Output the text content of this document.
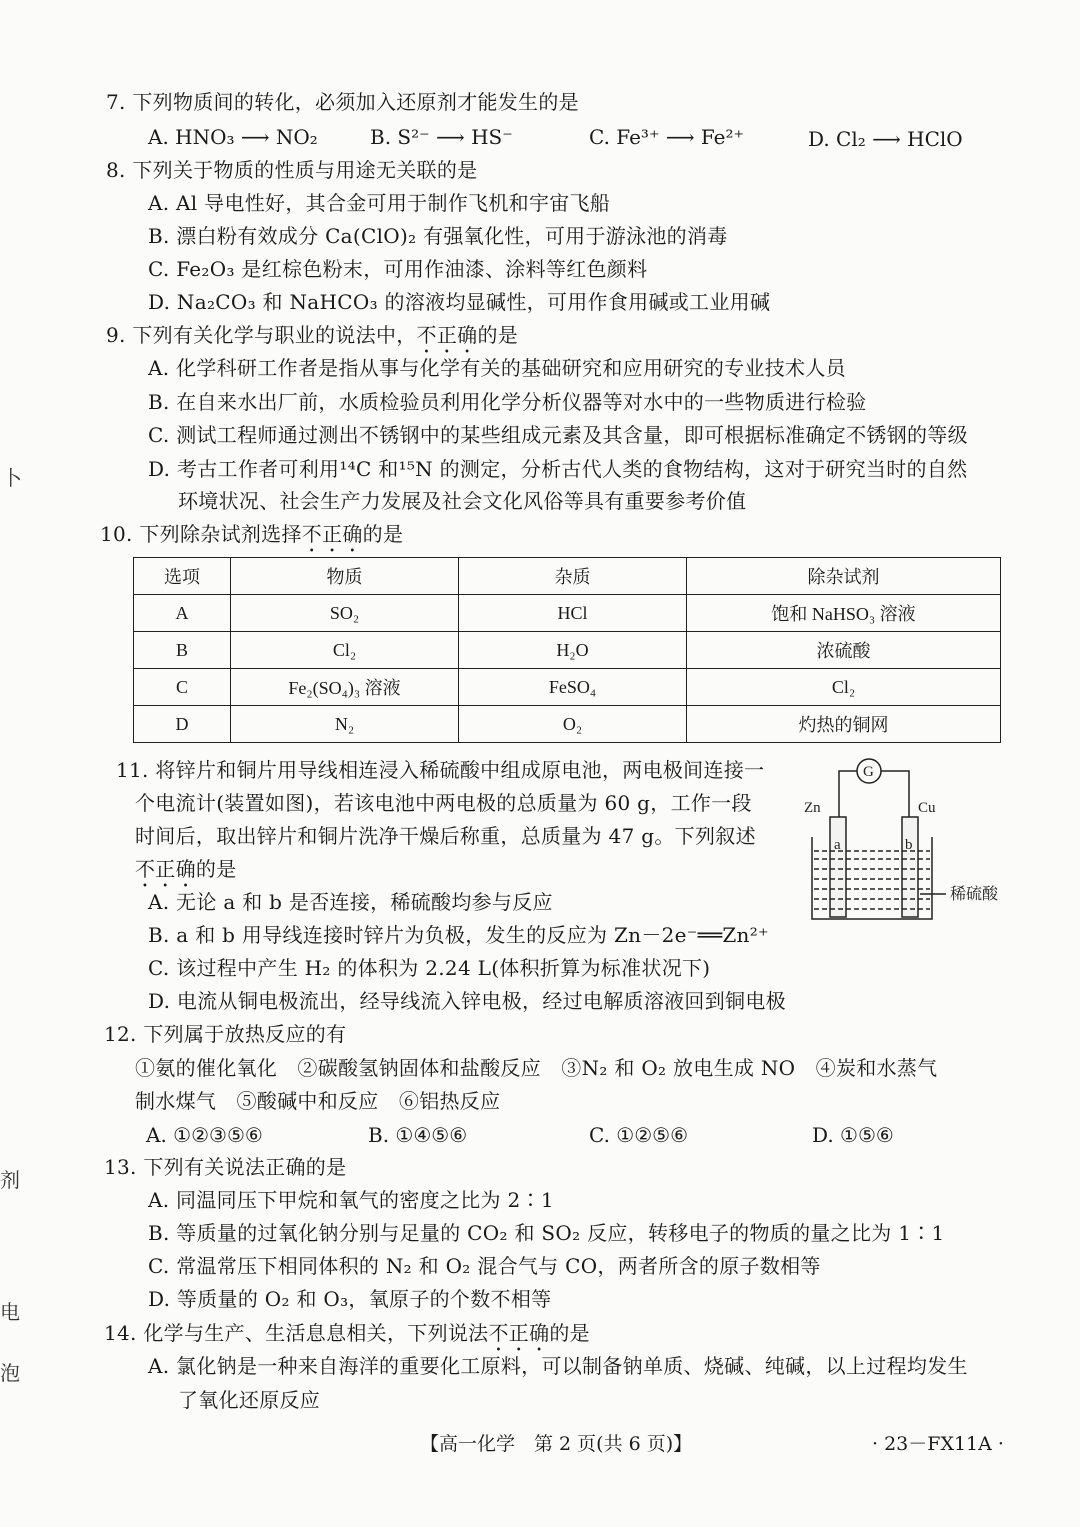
7. 下列物质间的转化，必须加入还原剂才能发生的是
A. HNO₃ ⟶ NO₂	B. S²⁻ ⟶ HS⁻	C. Fe³⁺ ⟶ Fe²⁺	D. Cl₂ ⟶ HClO
8. 下列关于物质的性质与用途无关联的是
A. Al 导电性好，其合金可用于制作飞机和宇宙飞船
B. 漂白粉有效成分 Ca(ClO)₂ 有强氧化性，可用于游泳池的消毒
C. Fe₂O₃ 是红棕色粉末，可用作油漆、涂料等红色颜料
D. Na₂CO₃ 和 NaHCO₃ 的溶液均显碱性，可用作食用碱或工业用碱
9. 下列有关化学与职业的说法中，不正确的是
A. 化学科研工作者是指从事与化学有关的基础研究和应用研究的专业技术人员
B. 在自来水出厂前，水质检验员利用化学分析仪器等对水中的一些物质进行检验
C. 测试工程师通过测出不锈钢中的某些组成元素及其含量，即可根据标准确定不锈钢的等级
D. 考古工作者可利用¹⁴C 和¹⁵N 的测定，分析古代人类的食物结构，这对于研究当时的自然
环境状况、社会生产力发展及社会文化风俗等具有重要参考价值
10. 下列除杂试剂选择不正确的是
选项	物质	杂质	除杂试剂
A	SO₂	HCl	饱和 NaHSO₃ 溶液
B	Cl₂	H₂O	浓硫酸
C	Fe₂(SO₄)₃ 溶液	FeSO₄	Cl₂
D	N₂	O₂	灼热的铜网
11. 将锌片和铜片用导线相连浸入稀硫酸中组成原电池，两电极间连接一
个电流计(装置如图)，若该电池中两电极的总质量为 60 g，工作一段
时间后，取出锌片和铜片洗净干燥后称重，总质量为 47 g。下列叙述
不正确的是
A. 无论 a 和 b 是否连接，稀硫酸均参与反应
B. a 和 b 用导线连接时锌片为负极，发生的反应为 Zn－2e⁻══Zn²⁺
C. 该过程中产生 H₂ 的体积为 2.24 L(体积折算为标准状况下)
D. 电流从铜电极流出，经导线流入锌电极，经过电解质溶液回到铜电极
G
Zn	Cu
a	b
稀硫酸
12. 下列属于放热反应的有
①氨的催化氧化　②碳酸氢钠固体和盐酸反应　③N₂ 和 O₂ 放电生成 NO　④炭和水蒸气
制水煤气　⑤酸碱中和反应　⑥铝热反应
A. ①②③⑤⑥	B. ①④⑤⑥	C. ①②⑤⑥	D. ①⑤⑥
13. 下列有关说法正确的是
A. 同温同压下甲烷和氧气的密度之比为 2∶1
B. 等质量的过氧化钠分别与足量的 CO₂ 和 SO₂ 反应，转移电子的物质的量之比为 1∶1
C. 常温常压下相同体积的 N₂ 和 O₂ 混合气与 CO，两者所含的原子数相等
D. 等质量的 O₂ 和 O₃，氧原子的个数不相等
14. 化学与生产、生活息息相关，下列说法不正确的是
A. 氯化钠是一种来自海洋的重要化工原料，可以制备钠单质、烧碱、纯碱，以上过程均发生
了氧化还原反应
【高一化学　第 2 页(共 6 页)】	· 23－FX11A ·
卜
剂
电
泡
